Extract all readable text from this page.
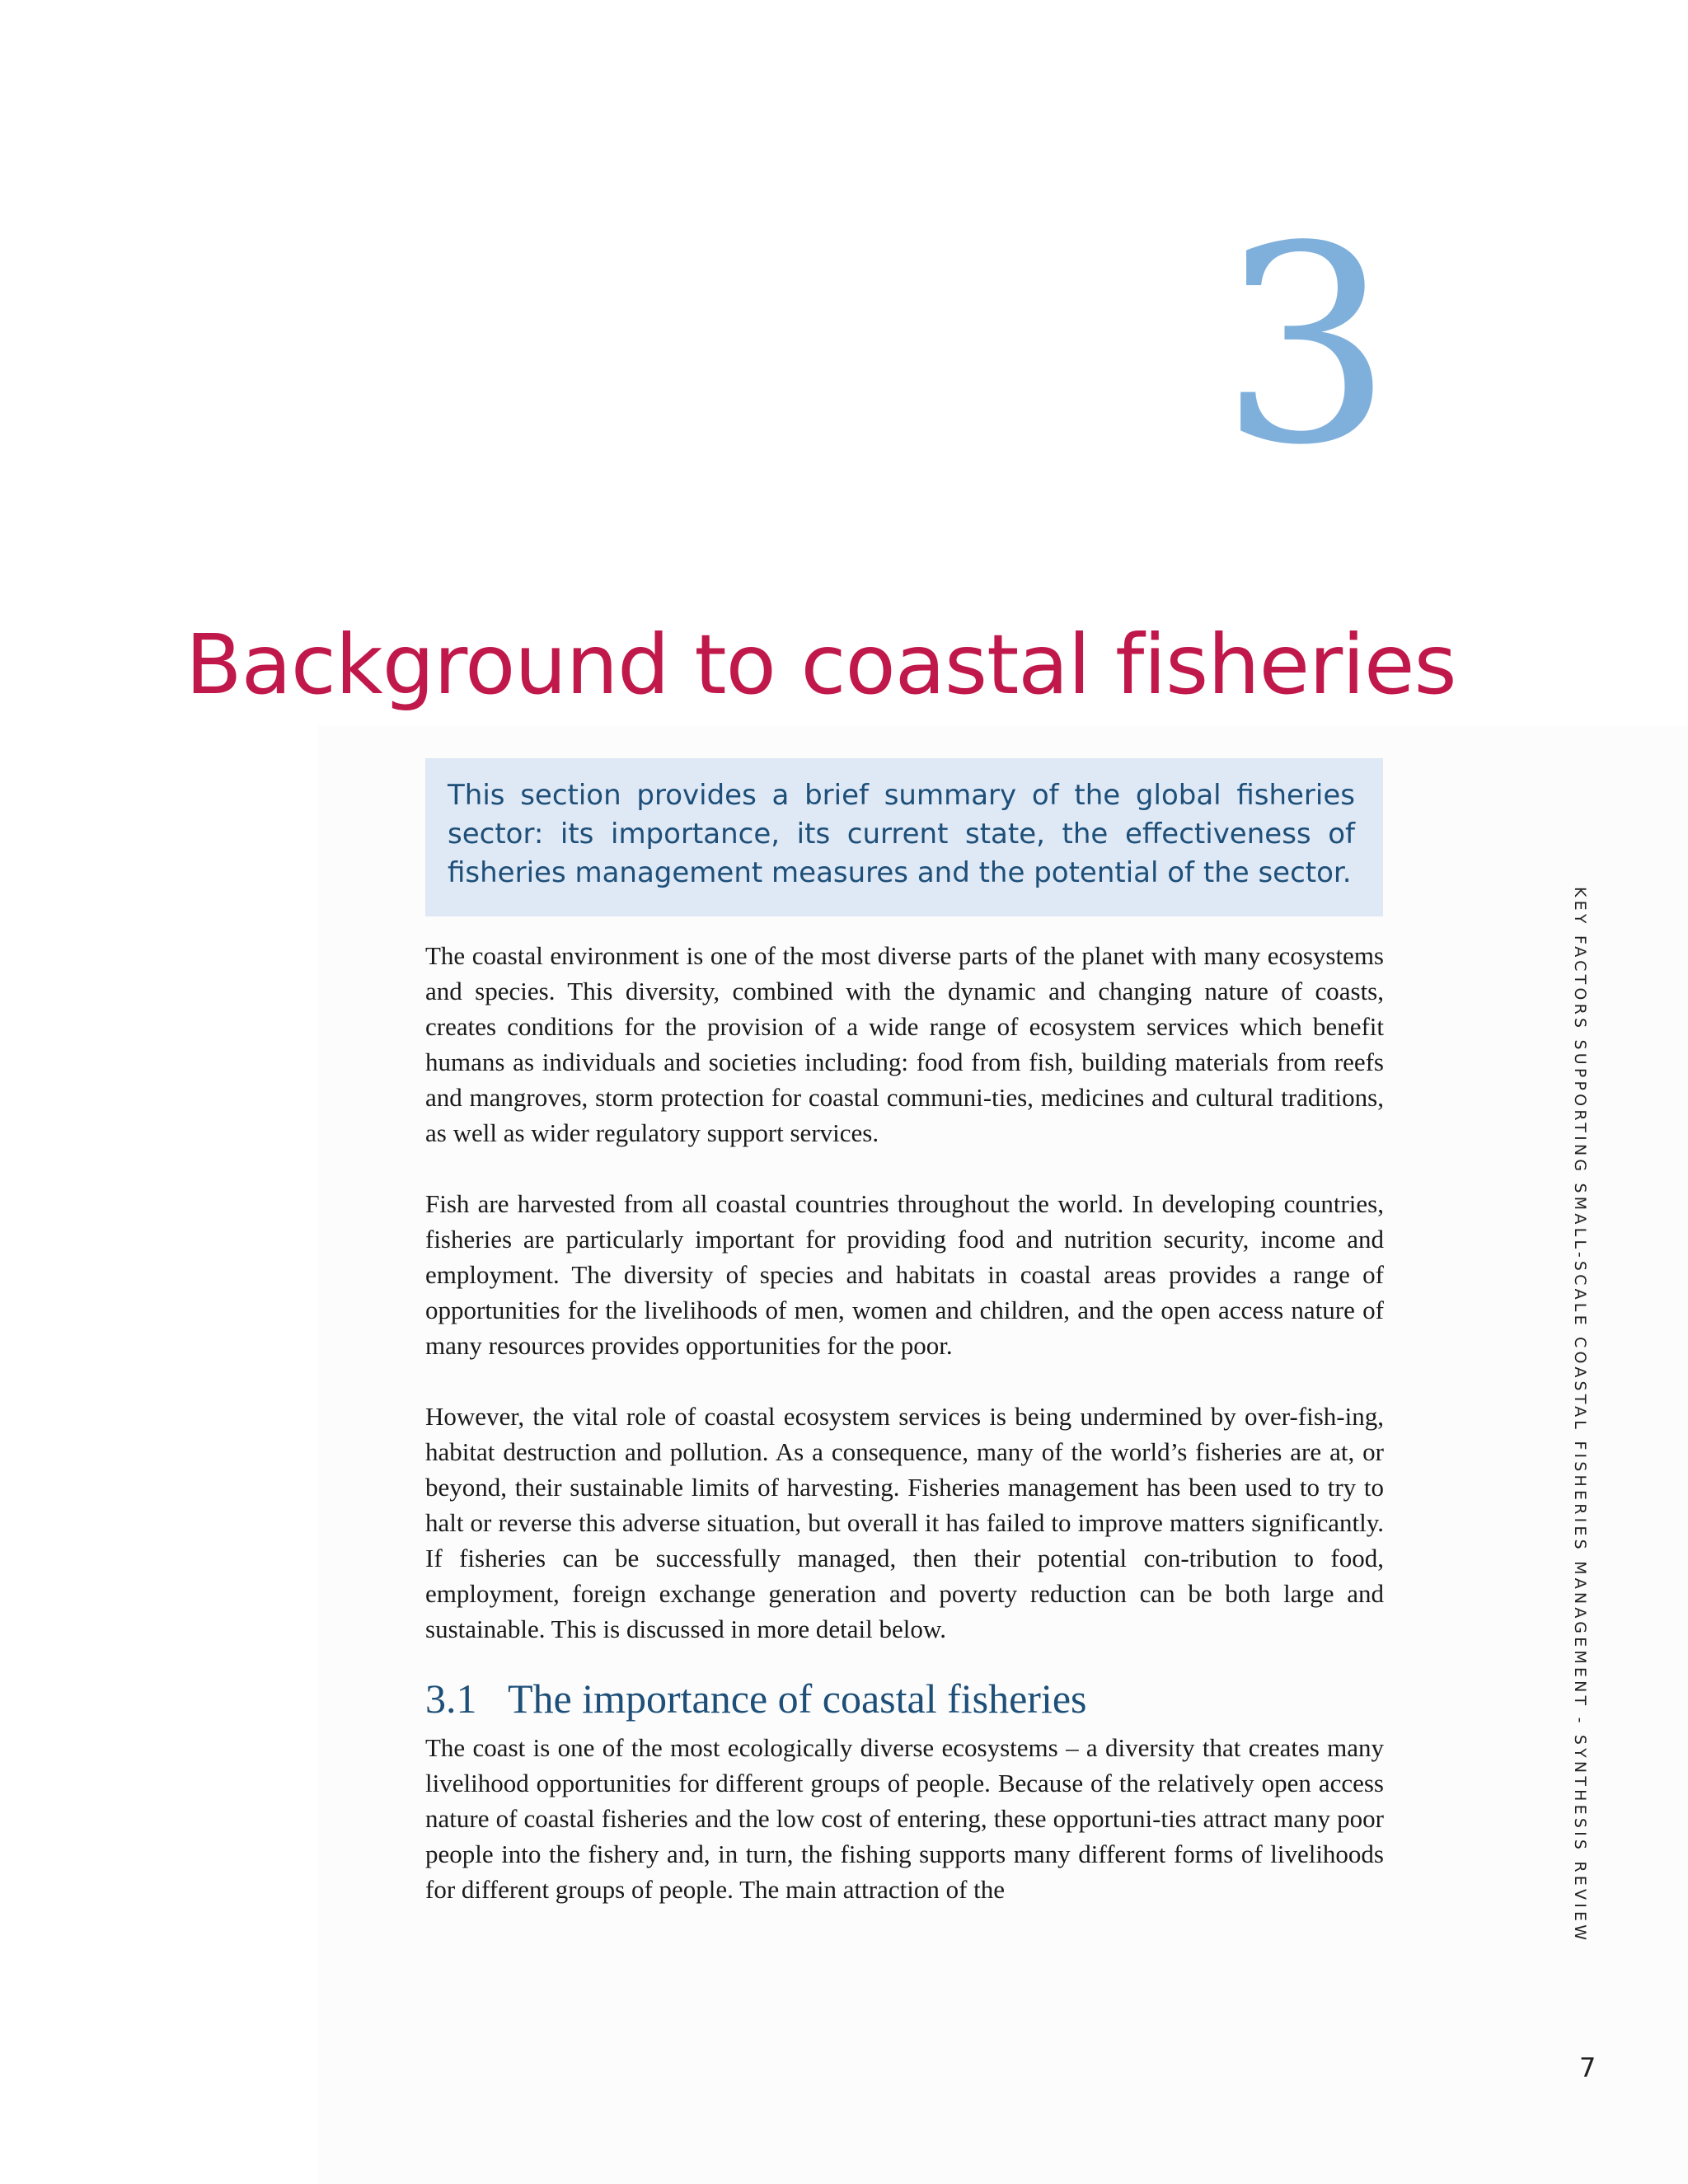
3
Background to coastal fisheries

This section provides a brief summary of the global fisheries sector: its importance, its current state, the effectiveness of fisheries management measures and the potential of the sector.

The coastal environment is one of the most diverse parts of the planet with many ecosystems and species. This diversity, combined with the dynamic and changing nature of coasts, creates conditions for the provision of a wide range of ecosystem services which benefit humans as individuals and societies including: food from fish, building materials from reefs and mangroves, storm protection for coastal communi-ties, medicines and cultural traditions, as well as wider regulatory support services.

Fish are harvested from all coastal countries throughout the world. In developing countries, fisheries are particularly important for providing food and nutrition security, income and employment. The diversity of species and habitats in coastal areas provides a range of opportunities for the livelihoods of men, women and children, and the open access nature of many resources provides opportunities for the poor.

However, the vital role of coastal ecosystem services is being undermined by over-fish-ing, habitat destruction and pollution. As a consequence, many of the world’s fisheries are at, or beyond, their sustainable limits of harvesting. Fisheries management has been used to try to halt or reverse this adverse situation, but overall it has failed to improve matters significantly. If fisheries can be successfully managed, then their potential con-tribution to food, employment, foreign exchange generation and poverty reduction can be both large and sustainable. This is discussed in more detail below.

3.1 The importance of coastal fisheries

The coast is one of the most ecologically diverse ecosystems – a diversity that creates many livelihood opportunities for different groups of people. Because of the relatively open access nature of coastal fisheries and the low cost of entering, these opportuni-ties attract many poor people into the fishery and, in turn, the fishing supports many different forms of livelihoods for different groups of people. The main attraction of the	KEY FACTORS SUPPORTING SMALL-SCALE COASTAL FISHERIES MANAGEMENT - SYNTHESIS REVIEW
7
